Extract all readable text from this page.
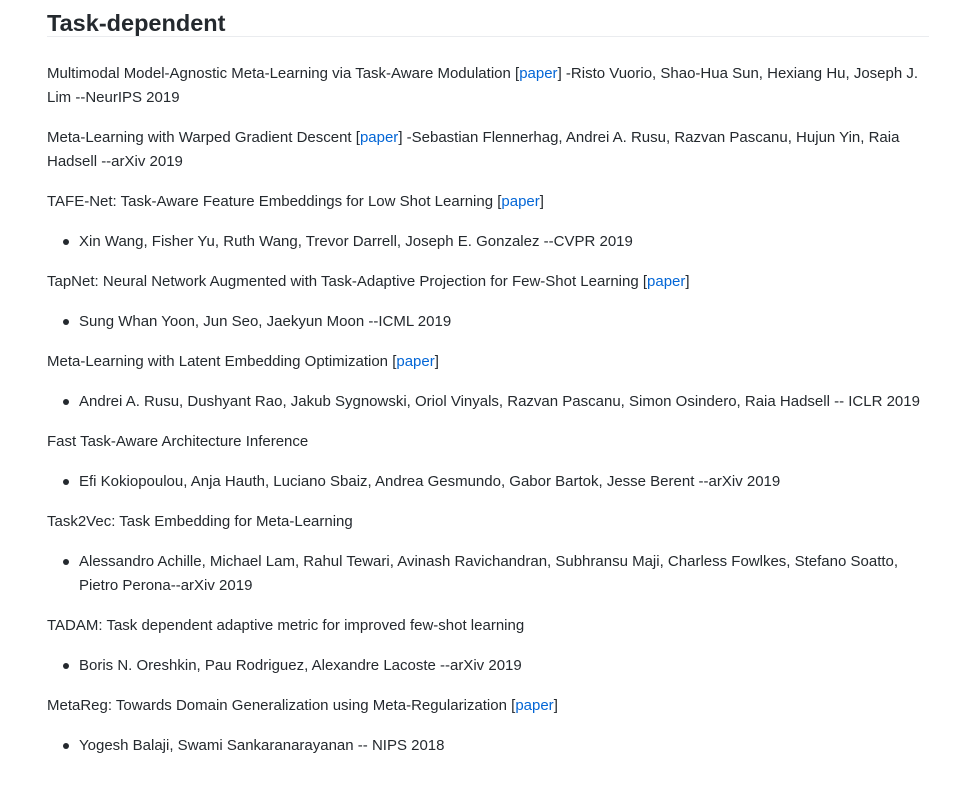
Task-dependent

Multimodal Model-Agnostic Meta-Learning via Task-Aware Modulation [paper] -Risto Vuorio, Shao-Hua Sun, Hexiang Hu, Joseph J. Lim --NeurIPS 2019

Meta-Learning with Warped Gradient Descent [paper] -Sebastian Flennerhag, Andrei A. Rusu, Razvan Pascanu, Hujun Yin, Raia Hadsell --arXiv 2019

TAFE-Net: Task-Aware Feature Embeddings for Low Shot Learning [paper]

Xin Wang, Fisher Yu, Ruth Wang, Trevor Darrell, Joseph E. Gonzalez --CVPR 2019

TapNet: Neural Network Augmented with Task-Adaptive Projection for Few-Shot Learning [paper]

Sung Whan Yoon, Jun Seo, Jaekyun Moon --ICML 2019

Meta-Learning with Latent Embedding Optimization [paper]

Andrei A. Rusu, Dushyant Rao, Jakub Sygnowski, Oriol Vinyals, Razvan Pascanu, Simon Osindero, Raia Hadsell -- ICLR 2019

Fast Task-Aware Architecture Inference

Efi Kokiopoulou, Anja Hauth, Luciano Sbaiz, Andrea Gesmundo, Gabor Bartok, Jesse Berent --arXiv 2019

Task2Vec: Task Embedding for Meta-Learning

Alessandro Achille, Michael Lam, Rahul Tewari, Avinash Ravichandran, Subhransu Maji, Charless Fowlkes, Stefano Soatto, Pietro Perona--arXiv 2019

TADAM: Task dependent adaptive metric for improved few-shot learning

Boris N. Oreshkin, Pau Rodriguez, Alexandre Lacoste --arXiv 2019

MetaReg: Towards Domain Generalization using Meta-Regularization [paper]

Yogesh Balaji, Swami Sankaranarayanan -- NIPS 2018
